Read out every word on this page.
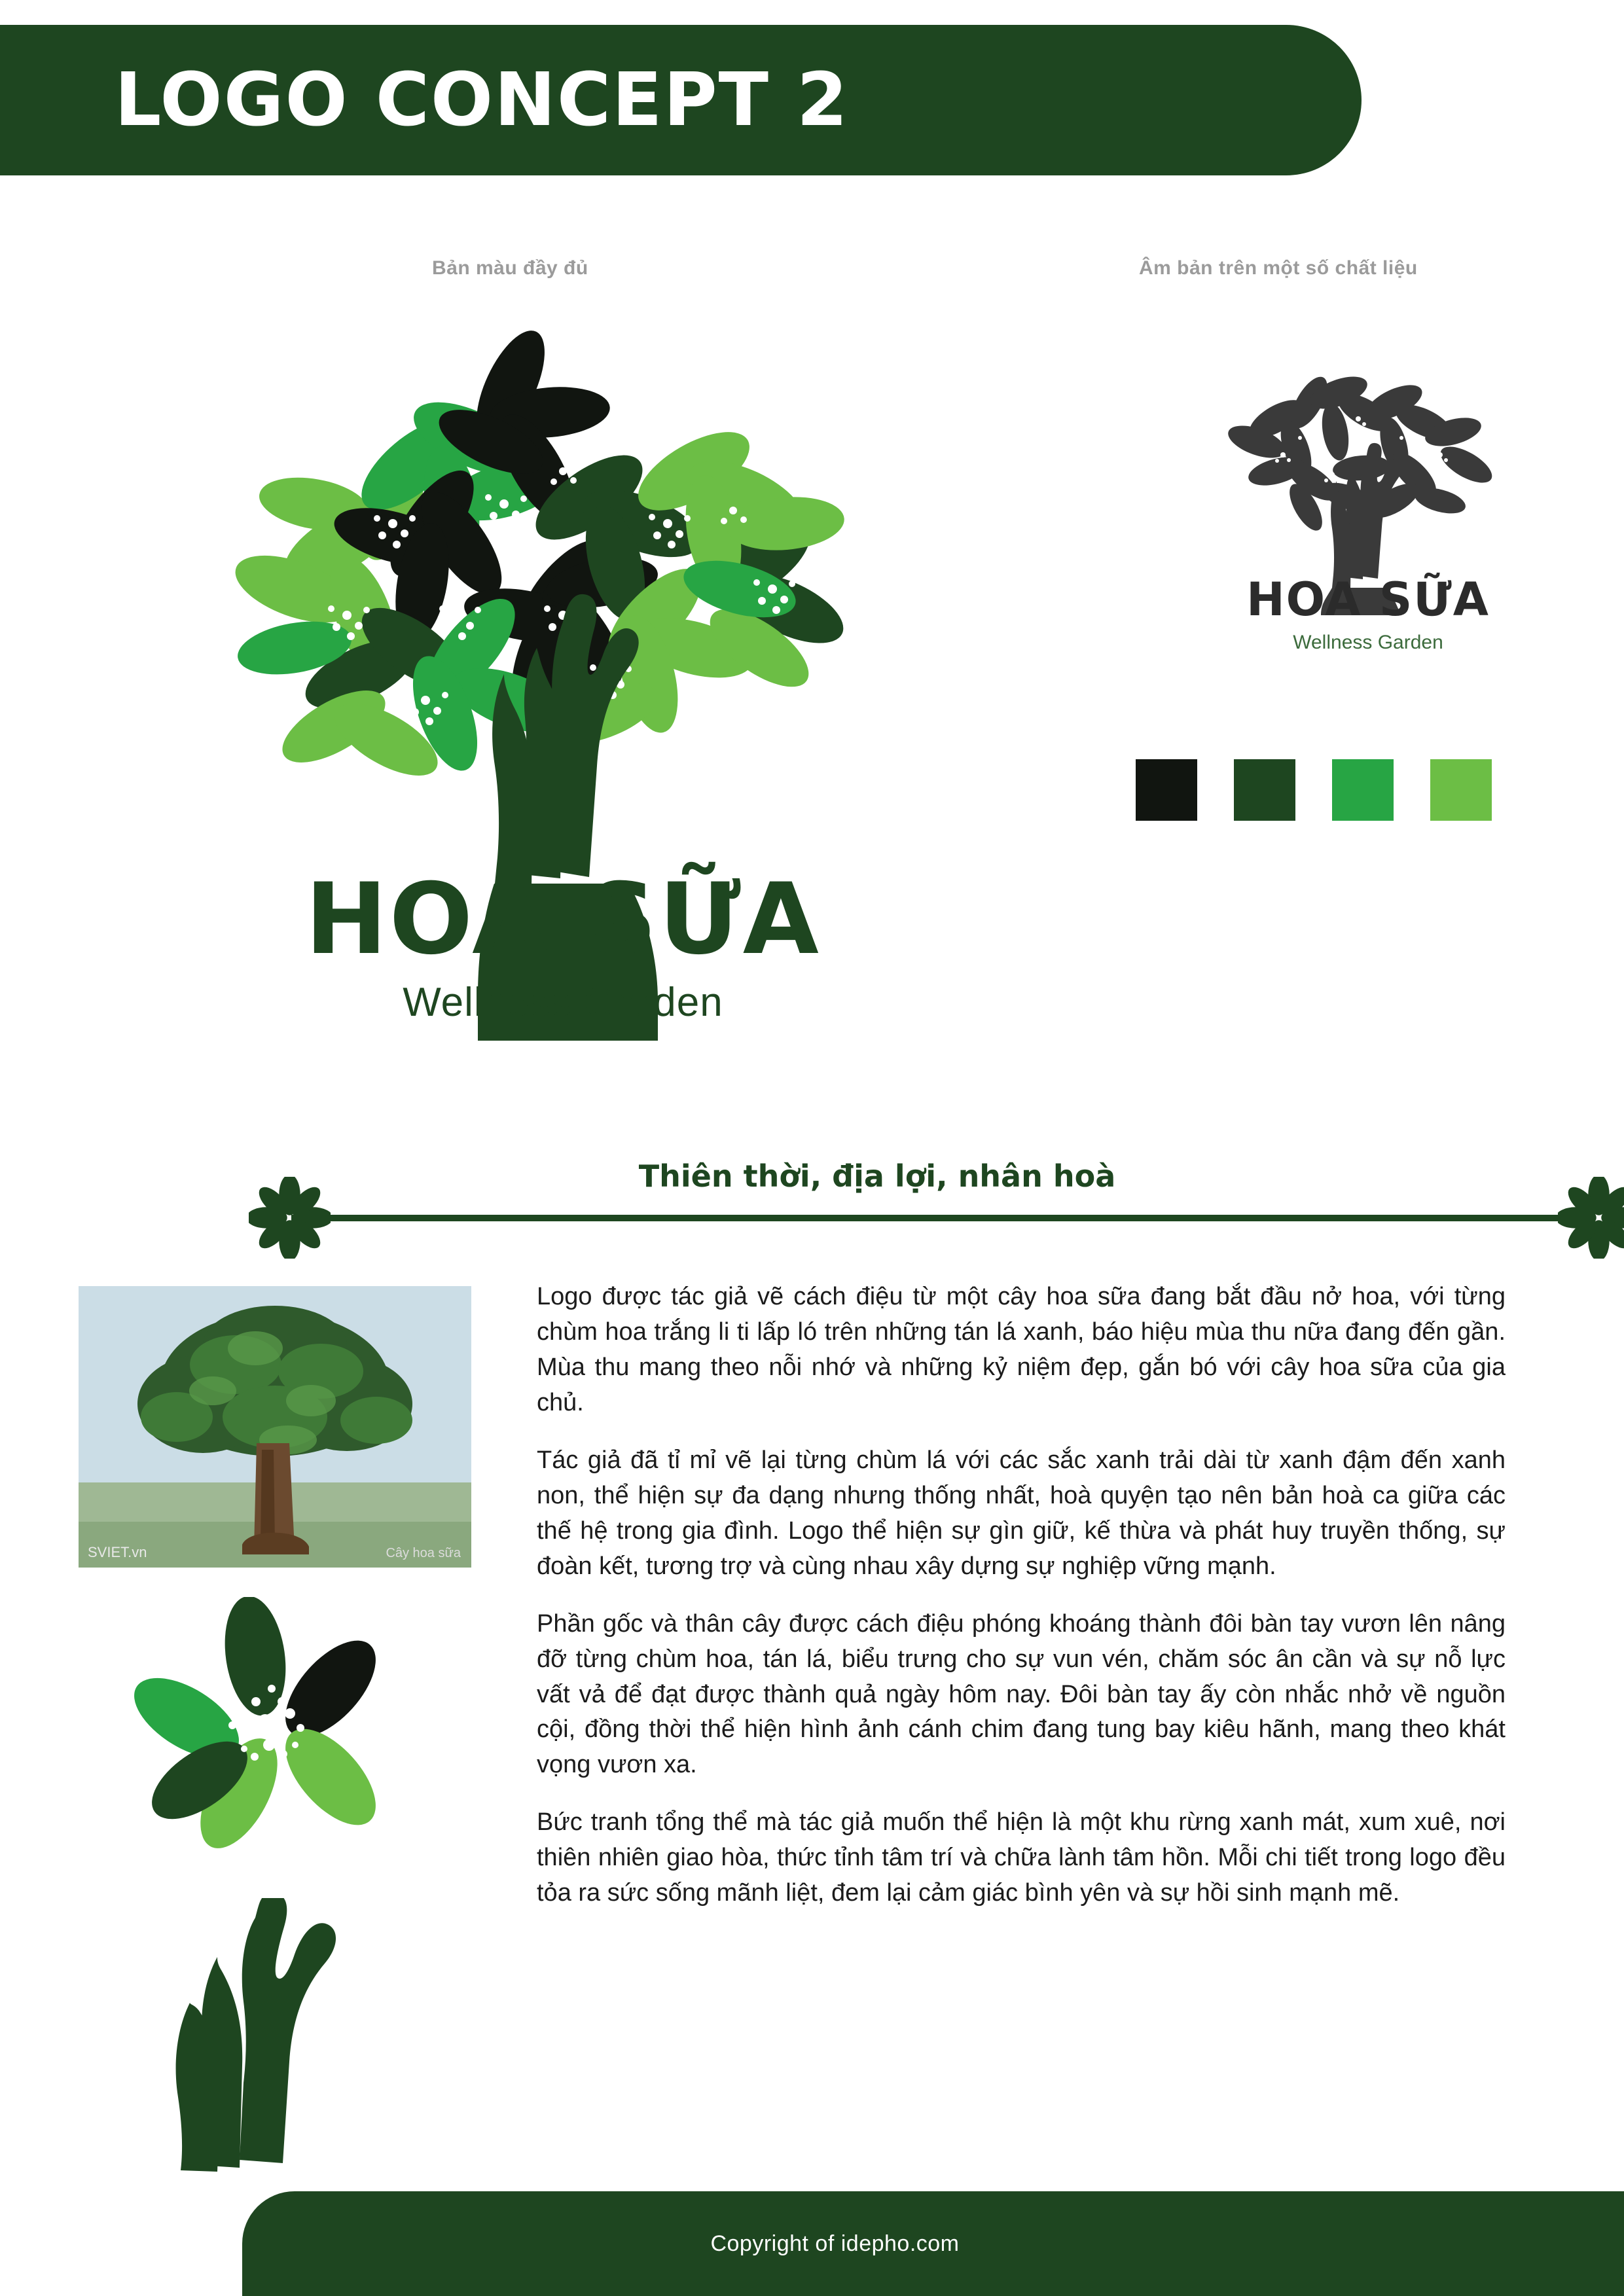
LOGO CONCEPT 2
Bản màu đầy đủ	Âm bản trên một số chất liệu
HOA SỮA
Wellness Garden
HOA SỮA
Wellness Garden
Thiên thời, địa lợi, nhân hoà
SVIET.vn	Cây hoa sữa

Logo được tác giả vẽ cách điệu từ một cây hoa sữa đang bắt đầu nở hoa, với từng chùm hoa trắng li ti lấp ló trên những tán lá xanh, báo hiệu mùa thu nữa đang đến gần. Mùa thu mang theo nỗi nhớ và những kỷ niệm đẹp, gắn bó với cây hoa sữa của gia chủ.

Tác giả đã tỉ mỉ vẽ lại từng chùm lá với các sắc xanh trải dài từ xanh đậm đến xanh non, thể hiện sự đa dạng nhưng thống nhất, hoà quyện tạo nên bản hoà ca giữa các thế hệ trong gia đình. Logo thể hiện sự gìn giữ, kế thừa và phát huy truyền thống, sự đoàn kết, tương trợ và cùng nhau xây dựng sự nghiệp vững mạnh.

Phần gốc và thân cây được cách điệu phóng khoáng thành đôi bàn tay vươn lên nâng đỡ từng chùm hoa, tán lá, biểu trưng cho sự vun vén, chăm sóc ân cần và sự nỗ lực vất vả để đạt được thành quả ngày hôm nay. Đôi bàn tay ấy còn nhắc nhở về nguồn cội, đồng thời thể hiện hình ảnh cánh chim đang tung bay kiêu hãnh, mang theo khát vọng vươn xa.

Bức tranh tổng thể mà tác giả muốn thể hiện là một khu rừng xanh mát, xum xuê, nơi thiên nhiên giao hòa, thức tỉnh tâm trí và chữa lành tâm hồn. Mỗi chi tiết trong logo đều tỏa ra sức sống mãnh liệt, đem lại cảm giác bình yên và sự hồi sinh mạnh mẽ.

Copyright of idepho.com
